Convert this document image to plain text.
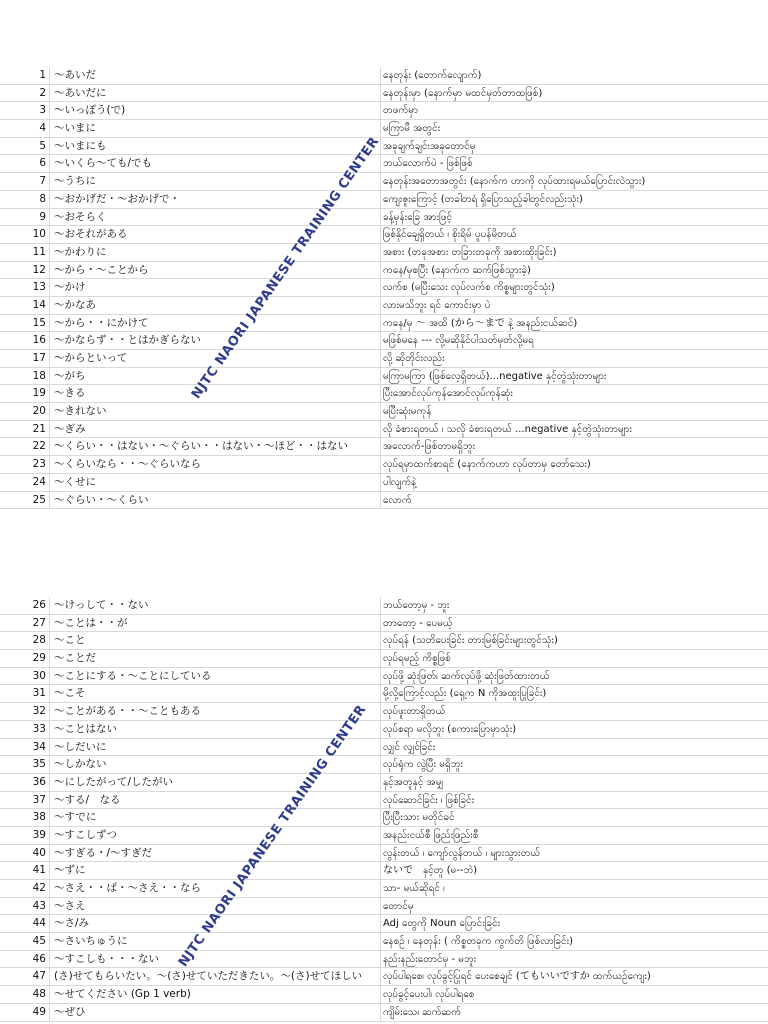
1 ～あいだ	နေတုန်း (တောက်လျောက်)
2 ～あいだに	နေတုန်းမှာ (နောက်မှာ မထင်မှတ်တာထဖြစ်)
3 ～いっぽう(で)	တဖက်မှာ
4 ～いまに	မကြာမီ အတွင်း
5 ～いまにも	အခုချက်ချင်းအခုတောင်မှ
6 ～いくら～ても/でも	ဘယ်လောက်ပဲ - ဖြစ်ဖြစ်
7 ～うちに	နေတုန်းအတောအတွင်း (နောက်က ဟာကို လုပ်ထားရမယ်ပြောင်းလဲသွား)
8 ～おかげだ・～おかげで・	ကျေးဇူးကြောင့် (တခါတရံ ရှိပြောသည့်ခါတွင်လည်းသုံး)
9 ～おそらく	ခန့်မှန်းခြေ အားဖြင့်
10 ～おそれがある	ဖြစ်နိုင်ချေရှိတယ် ၊ စိုးရိမ် ပူပန်မိတယ်
11 ～かわりに	အစား (တခုအစား တခြားတခုကို အစားထိုးခြင်း)
12 ～から・～ことから	ကနေ/မှစပြီး (နောက်က ဆက်ဖြစ်သွားခဲ့)
13 ～かけ	လက်စ (မပြီးသေး လုပ်လက်စ ကိစ္စများတွင်သုံး)
14 ～かなあ	လားမသိဘူး ရင် ကောင်းမှာ ပဲ
15 ～から・・にかけて	ကနေ/မှ ～ အထိ (から～まで နဲ့ အနည်းငယ်ဆင်)
16 ～かならず・・とはかぎらない	မဖြစ်မနေ --- လို့မဆိုနိုင်ပါသတ်မှတ်လို့မရ
17 ～からといって	လို့ ဆိုတိုင်းလည်း
18 ～がち	မကြာမကြာ (ဖြစ်လေ့ရှိတယ်)...negative နှင့်တွဲသုံးတာများ
19 ～きる	ပြီးအောင်လုပ်ကုန်အောင်လုပ်ကုန်ဆုံး
20 ～きれない	မပြီးဆုံးမကုန်
21 ～ぎみ	လို ခံစားရတယ် ၊ သလို ခံစားရတယ် ...negative နှင့်တွဲသုံးတာများ
22 ～くらい・・はない・～ぐらい・・はない・～ほど・・はない	အလောက်-ဖြစ်တာမရှိဘူး
23 ～くらいなら・・～ぐらいなら	လုပ်ရမှာထက်စာရင် (နောက်ကဟာ လုပ်တာမှ တော်သေး)
24 ～くせに	ပါလျက်နဲ့
25 ～ぐらい・～くらい	လောက်
26 ～けっして・・ない	ဘယ်တော့မှ - ဘူး
27 ～ことは・・が	တာတော့ - ပေမယ့်
28 ～こと	လုပ်ရန် (သတိပေးခြင်း တားမြစ်ခြင်းများတွင်သုံး)
29 ～ことだ	လုပ်ရမည့် ကိစ္စဖြစ်
30 ～ことにする・～ことにしている	လုပ်ဖို့ ဆုံးဖြတ်၊ ဆက်လုပ်ဖို့ ဆုံးဖြတ်ထားတယ်
31 ～こそ	မို့လို့ကြောင့်လည်း (ရှေ့က N ကိုအထူးပြုခြင်း)
32 ～ことがある・・～こともある	လုပ်ဖူးတာရှိတယ်
33 ～ことはない	လုပ်စရာ မလိုဘူး (စကားပြောမှာသုံး)
34 ～しだいに	လျှင် လျှင်ခြင်း
35 ～しかない	လုပ်ရုံက လွဲပြီး မရှိဘူး
36 ～にしたがって/したがい	နှင့်အတူနှင့် အမျှ
37 ～する/　なる	လုပ်ဆောင်ခြင်း ၊ ဖြစ်ခြင်း
38 ～すでに	ပြီးပြီးသား မတိုင်ခင်
39 ～すこしずつ	အနည်းငယ်စီ ဖြည်းဖြည်းစီ
40 ～すぎる・/～すぎだ	လွန်းတယ် ၊ ကျော်လွန်တယ် ၊ များသွားတယ်
41 ～ずに	ないで　နှင့်တူ (မ--ဘဲ)
42 ～さえ・・ば・～さえ・・なら	သာ- မယ်ဆိုရင် ၊
43 ～さえ	တောင်မှ
44 ～さ/み	Adj တွေကို Noun ပြောင်းခြင်း
45 ～さいちゅうに	နေစဉ် ၊ နေတုန်း ( ကိစ္စတခုက ကွက်တိ ဖြစ်လာခြင်း)
46 ～すこしも・・・ない	နည်းနည်းတောင်မှ - မဘူး
47 (さ)せてもらいたい。～(さ)せていただきたい。～(さ)せてほしい	လုပ်ပါရစေ၊ လုပ်ခွင့်ပြုရင် ပေးစေချင် (てもいいですか ထက်ယဉ်ကျေး)
48 ～せてください (Gp 1 verb)	လုပ်ခွင့်ပေးပါ၊ လုပ်ပါရစေ
49 ～ぜひ	ကျိမ်းသေ၊ ဆက်ဆက်
NJTC NAORI JAPANESE TRAINING CENTER
NJTC NAORI JAPANESE TRAINING CENTER
